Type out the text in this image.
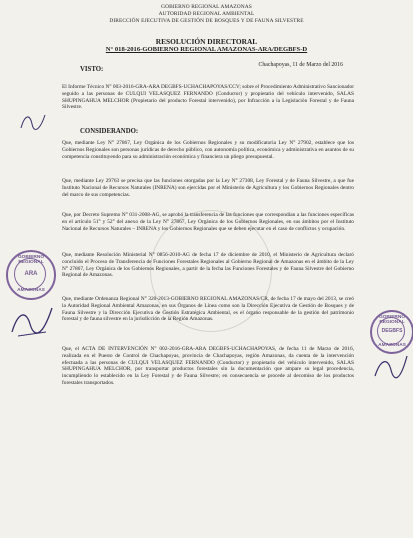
GOBIERNO REGIONAL AMAZONAS
AUTORIDAD REGIONAL AMBIENTAL
DIRECCIÓN EJECUTIVA DE GESTIÓN DE BOSQUES Y DE FAUNA SILVESTRE
RESOLUCIÓN DIRECTORAL
N° 018-2016-GOBIERNO REGIONAL AMAZONAS-ARA/DEGBFS-D
Chachapoyas, 11 de Marzo del 2016
VISTO:
El Informe Técnico N° 003-2016-GRA-ARA DEGBFS-UCHACHAPOYAS/CCV; sobre el Procedimiento Administrativo Sancionador seguido a las personas de CULQUI VELASQUEZ FERNANDO (Conductor) y propietario del vehículo intervenido, SALAS SHUPINGAHUA MELCHOR (Propietario del producto Forestal intervenido), por Infracción a la Legislación Forestal y de Fauna Silvestre.
CONSIDERANDO:
Que, mediante Ley N° 27867, Ley Orgánica de los Gobiernos Regionales y su modificatoria Ley N° 27902, establece que los Gobiernos Regionales son personas jurídicas de derecho público, con autonomía política, económica y administrativa en asuntos de su competencia constituyendo para su administración económica y financiera un pliego presupuestal.
Que, mediante Ley 29763 se precisa que las funciones otorgadas por la Ley N° 27308, Ley Forestal y de Fauna Silvestre, a que fue Instituto Nacional de Recursos Naturales (INRENA) son ejercidas por el Ministerio de Agricultura y los Gobiernos Regionales dentro del marco de sus competencias.
Que, por Decreto Supremo N° 031-2008-AG, se aprobó la transferencia de las funciones que correspondían a las funciones específicas en el artículo 51° y 52° del anexo de la Ley N° 27867, Ley Orgánica de los Gobiernos Regionales, en sus ámbitos por el Instituto Nacional de Recursos Naturales – INRENA y los Gobiernos Regionales que se deben ejecutar en el caso de conflictos y ocupación.
Que, mediante Resolución Ministerial N° 0856-2010-AG de fecha 17 de diciembre de 2010, el Ministerio de Agricultura declaró concluido el Proceso de Transferencia de Funciones Forestales Regionales al Gobierno Regional de Amazonas en el ámbito de la Ley N° 27867, Ley Orgánica de los Gobiernos Regionales, a partir de la fecha las Funciones Forestales y de Fauna Silvestre del Gobierno Regional de Amazonas.
Que, mediante Ordenanza Regional N° 320-2013-GOBIERNO REGIONAL AMAZONAS/CR, de fecha 17 de mayo del 2013, se creó la Autoridad Regional Ambiental Amazonas, en sus Órganos de Línea como son la Dirección Ejecutiva de Gestión de Bosques y de Fauna Silvestre y la Dirección Ejecutiva de Gestión Estratégica Ambiental, es el órgano responsable de la gestión del patrimonio forestal y de fauna silvestre en la jurisdicción de la Región Amazonas.
Que, el ACTA DE INTERVENCIÓN N° 002-2016-GRA-ARA DEGBFS-UCHACHAPOYAS, de fecha 11 de Marzo de 2016, realizada en el Puesto de Control de Chachapoyas, provincia de Chachapoyas, región Amazonas, da cuenta de la intervención efectuada a las personas de CULQUI VELASQUEZ FERNANDO (Conductor) y propietario del vehículo intervenido, SALAS SHUPINGAHUA MELCHOR, por transportar productos forestales sin la documentación que ampare su legal procedencia, incumpliendo lo establecido en la Ley Forestal y de Fauna Silvestre; en consecuencia se procede al decomiso de los productos forestales transportados.
GOBIERNO REGIONAL
ARA
AMAZONAS
GOBIERNO REGIONAL
DEGBFS
AMAZONAS
